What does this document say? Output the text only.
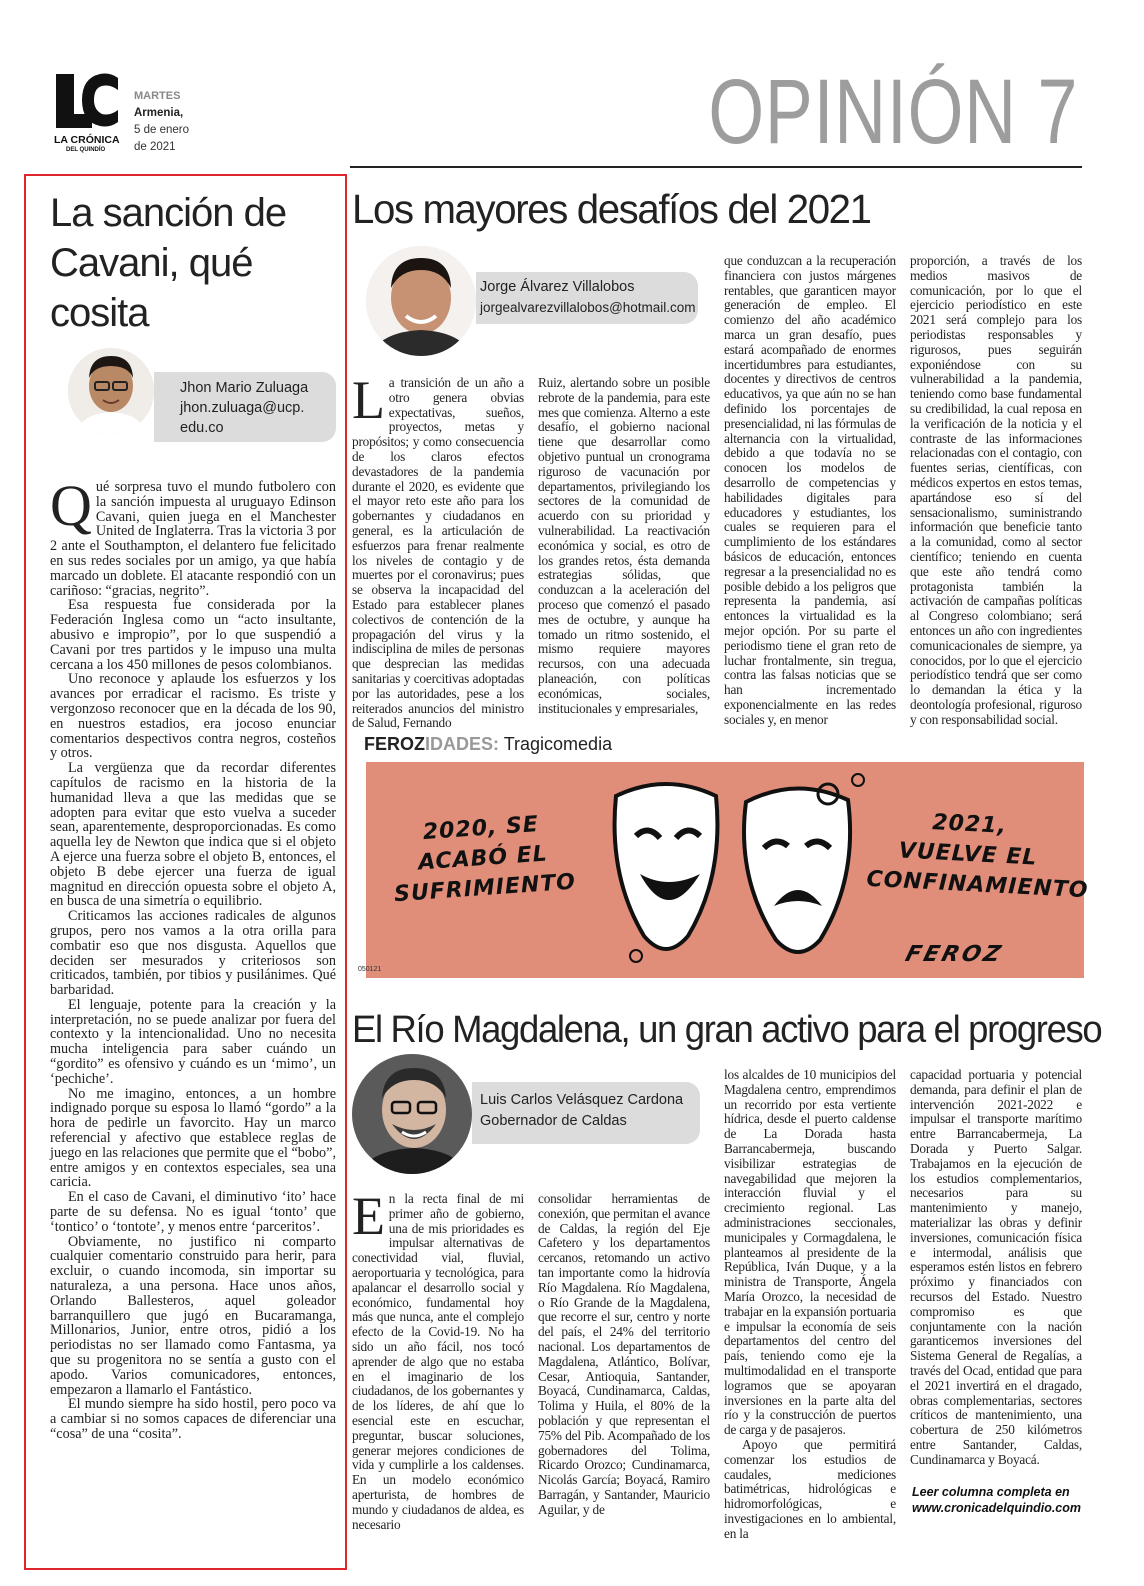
LA CRÓNICA
DEL QUINDÍO
MARTES
Armenia,
5 de enero
de 2021	OPINIÓN 7
La sanción de Cavani, qué cosita
Jhon Mario Zuluaga
jhon.zuluaga@ucp.
edu.co

Qué sorpresa tuvo el mundo futbolero con la sanción impuesta al uruguayo Edinson Cavani, quien juega en el Manchester United de Inglaterra. Tras la victoria 3 por 2 ante el Southampton, el delantero fue felicitado en sus redes sociales por un amigo, ya que había marcado un doblete. El atacante respondió con un cariñoso: “gracias, negrito”.

Esa respuesta fue considerada por la Federación Inglesa como un “acto insultante, abusivo e impropio”, por lo que suspendió a Cavani por tres partidos y le impuso una multa cercana a los 450 millones de pesos colombianos.

Uno reconoce y aplaude los esfuerzos y los avances por erradicar el racismo. Es triste y vergonzoso reconocer que en la década de los 90, en nuestros estadios, era jocoso enunciar comentarios despectivos contra negros, costeños y otros.

La vergüenza que da recordar diferentes capítulos de racismo en la historia de la humanidad lleva a que las medidas que se adopten para evitar que esto vuelva a suceder sean, aparentemente, desproporcionadas. Es como aquella ley de Newton que indica que si el objeto A ejerce una fuerza sobre el objeto B, entonces, el objeto B debe ejercer una fuerza de igual magnitud en dirección opuesta sobre el objeto A, en busca de una simetría o equilibrio.

Criticamos las acciones radicales de algunos grupos, pero nos vamos a la otra orilla para combatir eso que nos disgusta. Aquellos que deciden ser mesurados y criteriosos son criticados, también, por tibios y pusilánimes. Qué barbaridad.

El lenguaje, potente para la creación y la interpretación, no se puede analizar por fuera del contexto y la intencionalidad. Uno no necesita mucha inteligencia para saber cuándo un “gordito” es ofensivo y cuándo es un ‘mimo’, un ‘pechiche’.

No me imagino, entonces, a un hombre indignado porque su esposa lo llamó “gordo” a la hora de pedirle un favorcito. Hay un marco referencial y afectivo que establece reglas de juego en las relaciones que permite que el “bobo”, entre amigos y en contextos especiales, sea una caricia.

En el caso de Cavani, el diminutivo ‘ito’ hace parte de su defensa. No es igual ‘tonto’ que ‘tontico’ o ‘tontote’, y menos entre ‘parceritos’.

Obviamente, no justifico ni comparto cualquier comentario construido para herir, para excluir, o cuando incomoda, sin importar su naturaleza, a una persona. Hace unos años, Orlando Ballesteros, aquel goleador barranquillero que jugó en Bucaramanga, Millonarios, Junior, entre otros, pidió a los periodistas no ser llamado como Fantasma, ya que su progenitora no se sentía a gusto con el apodo. Varios comunicadores, entonces, empezaron a llamarlo el Fantástico.

El mundo siempre ha sido hostil, pero poco va a cambiar si no somos capaces de diferenciar una “cosa” de una “cosita”.

Los mayores desafíos del 2021
Jorge Álvarez Villalobos
jorgealvarezvillalobos@hotmail.com
La transición de un año a otro genera obvias expectativas, sueños, proyectos, metas y propósitos; y como consecuencia de los claros efectos devastadores de la pandemia durante el 2020, es evidente que el mayor reto este año para los gobernantes y ciudadanos en general, es la articulación de esfuerzos para frenar realmente los niveles de contagio y de muertes por el coronavirus; pues se observa la incapacidad del Estado para establecer planes colectivos de contención de la propagación del virus y la indisciplina de miles de personas que desprecian las medidas sanitarias y coercitivas adoptadas por las autoridades, pese a los reiterados anuncios del ministro de Salud, Fernando
Ruiz, alertando sobre un posible rebrote de la pandemia, para este mes que comienza. Alterno a este desafío, el gobierno nacional tiene que desarrollar como objetivo puntual un cronograma riguroso de vacunación por departamentos, privilegiando los sectores de la comunidad de acuerdo con su prioridad y vulnerabilidad. La reactivación económica y social, es otro de los grandes retos, ésta demanda estrategias sólidas, que conduzcan a la aceleración del proceso que comenzó el pasado mes de octubre, y aunque ha tomado un ritmo sostenido, el mismo requiere mayores recursos, con una adecuada planeación, con políticas económicas, sociales, institucionales y empresariales,
que conduzcan a la recuperación financiera con justos márgenes rentables, que garanticen mayor generación de empleo. El comienzo del año académico marca un gran desafío, pues estará acompañado de enormes incertidumbres para estudiantes, docentes y directivos de centros educativos, ya que aún no se han definido los porcentajes de presencialidad, ni las fórmulas de alternancia con la virtualidad, debido a que todavía no se conocen los modelos de desarrollo de competencias y habilidades digitales para educadores y estudiantes, los cuales se requieren para el cumplimiento de los estándares básicos de educación, entonces regresar a la presencialidad no es posible debido a los peligros que representa la pandemia, así entonces la virtualidad es la mejor opción. Por su parte el periodismo tiene el gran reto de luchar frontalmente, sin tregua, contra las falsas noticias que se han incrementado exponencialmente en las redes sociales y, en menor
proporción, a través de los medios masivos de comunicación, por lo que el ejercicio periodístico en este 2021 será complejo para los periodistas responsables y rigurosos, pues seguirán exponiéndose con su vulnerabilidad a la pandemia, teniendo como base fundamental su credibilidad, la cual reposa en la verificación de la noticia y el contraste de las informaciones relacionadas con el contagio, con fuentes serias, científicas, con médicos expertos en estos temas, apartándose eso sí del sensacionalismo, suministrando información que beneficie tanto a la comunidad, como al sector científico; teniendo en cuenta que este año tendrá como protagonista también la activación de campañas políticas al Congreso colombiano; será entonces un año con ingredientes comunicacionales de siempre, ya conocidos, por lo que el ejercicio periodístico tendrá que ser como lo demandan la ética y la deontología profesional, riguroso y con responsabilidad social.
FEROZIDADES: Tragicomedia
2020, SE
ACABÓ EL
SUFRIMIENTO
2021,
VUELVE EL
CONFINAMIENTO
050121
FEROZ
El Río Magdalena, un gran activo para el progreso
Luis Carlos Velásquez Cardona
Gobernador de Caldas
En la recta final de mi primer año de gobierno, una de mis prioridades es impulsar alternativas de conectividad vial, fluvial, aeroportuaria y tecnológica, para apalancar el desarrollo social y económico, fundamental hoy más que nunca, ante el complejo efecto de la Covid-19. No ha sido un año fácil, nos tocó aprender de algo que no estaba en el imaginario de los ciudadanos, de los gobernantes y de los líderes, de ahí que lo esencial este en escuchar, preguntar, buscar soluciones, generar mejores condiciones de vida y cumplirle a los caldenses. En un modelo económico aperturista, de hombres de mundo y ciudadanos de aldea, es necesario
consolidar herramientas de conexión, que permitan el avance de Caldas, la región del Eje Cafetero y los departamentos cercanos, retomando un activo tan importante como la hidrovía Río Magdalena. Río Magdalena, o Río Grande de la Magdalena, que recorre el sur, centro y norte del país, el 24% del territorio nacional. Los departamentos de Magdalena, Atlántico, Bolívar, Cesar, Antioquia, Santander, Boyacá, Cundinamarca, Caldas, Tolima y Huila, el 80% de la población y que representan el 75% del Pib. Acompañado de los gobernadores del Tolima, Ricardo Orozco; Cundinamarca, Nicolás García; Boyacá, Ramiro Barragán, y Santander, Mauricio Aguilar, y de
los alcaldes de 10 municipios del Magdalena centro, emprendimos un recorrido por esta vertiente hídrica, desde el puerto caldense de La Dorada hasta Barrancabermeja, buscando visibilizar estrategias de navegabilidad que mejoren la interacción fluvial y el crecimiento regional. Las administraciones seccionales, municipales y Cormagdalena, le planteamos al presidente de la República, Iván Duque, y a la ministra de Transporte, Ángela María Orozco, la necesidad de trabajar en la expansión portuaria e impulsar la economía de seis departamentos del centro del país, teniendo como eje la multimodalidad en el transporte logramos que se apoyaran inversiones en la parte alta del río y la construcción de puertos de carga y de pasajeros.
Apoyo que permitirá comenzar los estudios de caudales, mediciones batimétricas, hidrológicas e hidromorfológicas, e investigaciones en lo ambiental, en la
capacidad portuaria y potencial demanda, para definir el plan de intervención 2021-2022 e impulsar el transporte marítimo entre Barrancabermeja, La Dorada y Puerto Salgar. Trabajamos en la ejecución de los estudios complementarios, necesarios para su mantenimiento y manejo, materializar las obras y definir inversiones, comunicación física e intermodal, análisis que esperamos estén listos en febrero próximo y financiados con recursos del Estado. Nuestro compromiso es que conjuntamente con la nación garanticemos inversiones del Sistema General de Regalías, a través del Ocad, entidad que para el 2021 invertirá en el dragado, obras complementarias, sectores críticos de mantenimiento, una cobertura de 250 kilómetros entre Santander, Caldas, Cundinamarca y Boyacá.
Leer columna completa en
www.cronicadelquindio.com
